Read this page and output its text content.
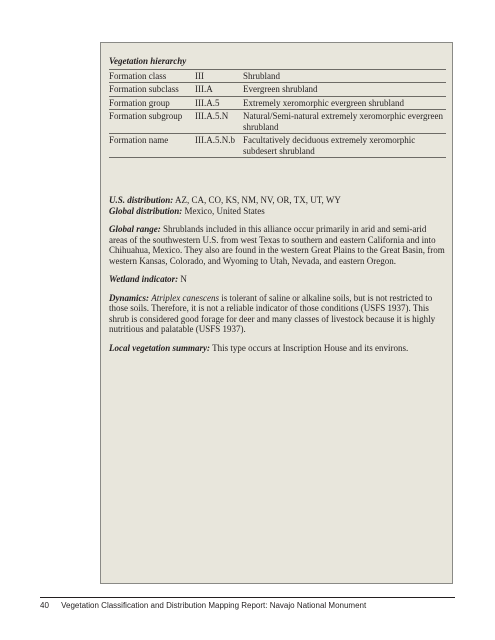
Vegetation hierarchy		
Formation class	III	Shrubland
Formation subclass	III.A	Evergreen shrubland
Formation group	III.A.5	Extremely xeromorphic evergreen shrubland
Formation subgroup	III.A.5.N	Natural/Semi-natural extremely xeromorphic evergreen shrubland
Formation name	III.A.5.N.b	Facultatively deciduous extremely xeromorphic subdesert shrubland

U.S. distribution: AZ, CA, CO, KS, NM, NV, OR, TX, UT, WY
Global distribution: Mexico, United States

Global range: Shrublands included in this alliance occur primarily in arid and semi-arid areas of the southwestern U.S. from west Texas to southern and eastern California and into Chihuahua, Mexico. They also are found in the western Great Plains to the Great Basin, from western Kansas, Colorado, and Wyoming to Utah, Nevada, and eastern Oregon.

Wetland indicator: N

Dynamics: Atriplex canescens is tolerant of saline or alkaline soils, but is not restricted to those soils. Therefore, it is not a reliable indicator of those conditions (USFS 1937). This shrub is considered good forage for deer and many classes of livestock because it is highly nutritious and palatable (USFS 1937).

Local vegetation summary: This type occurs at Inscription House and its environs.

40 Vegetation Classification and Distribution Mapping Report: Navajo National Monument
